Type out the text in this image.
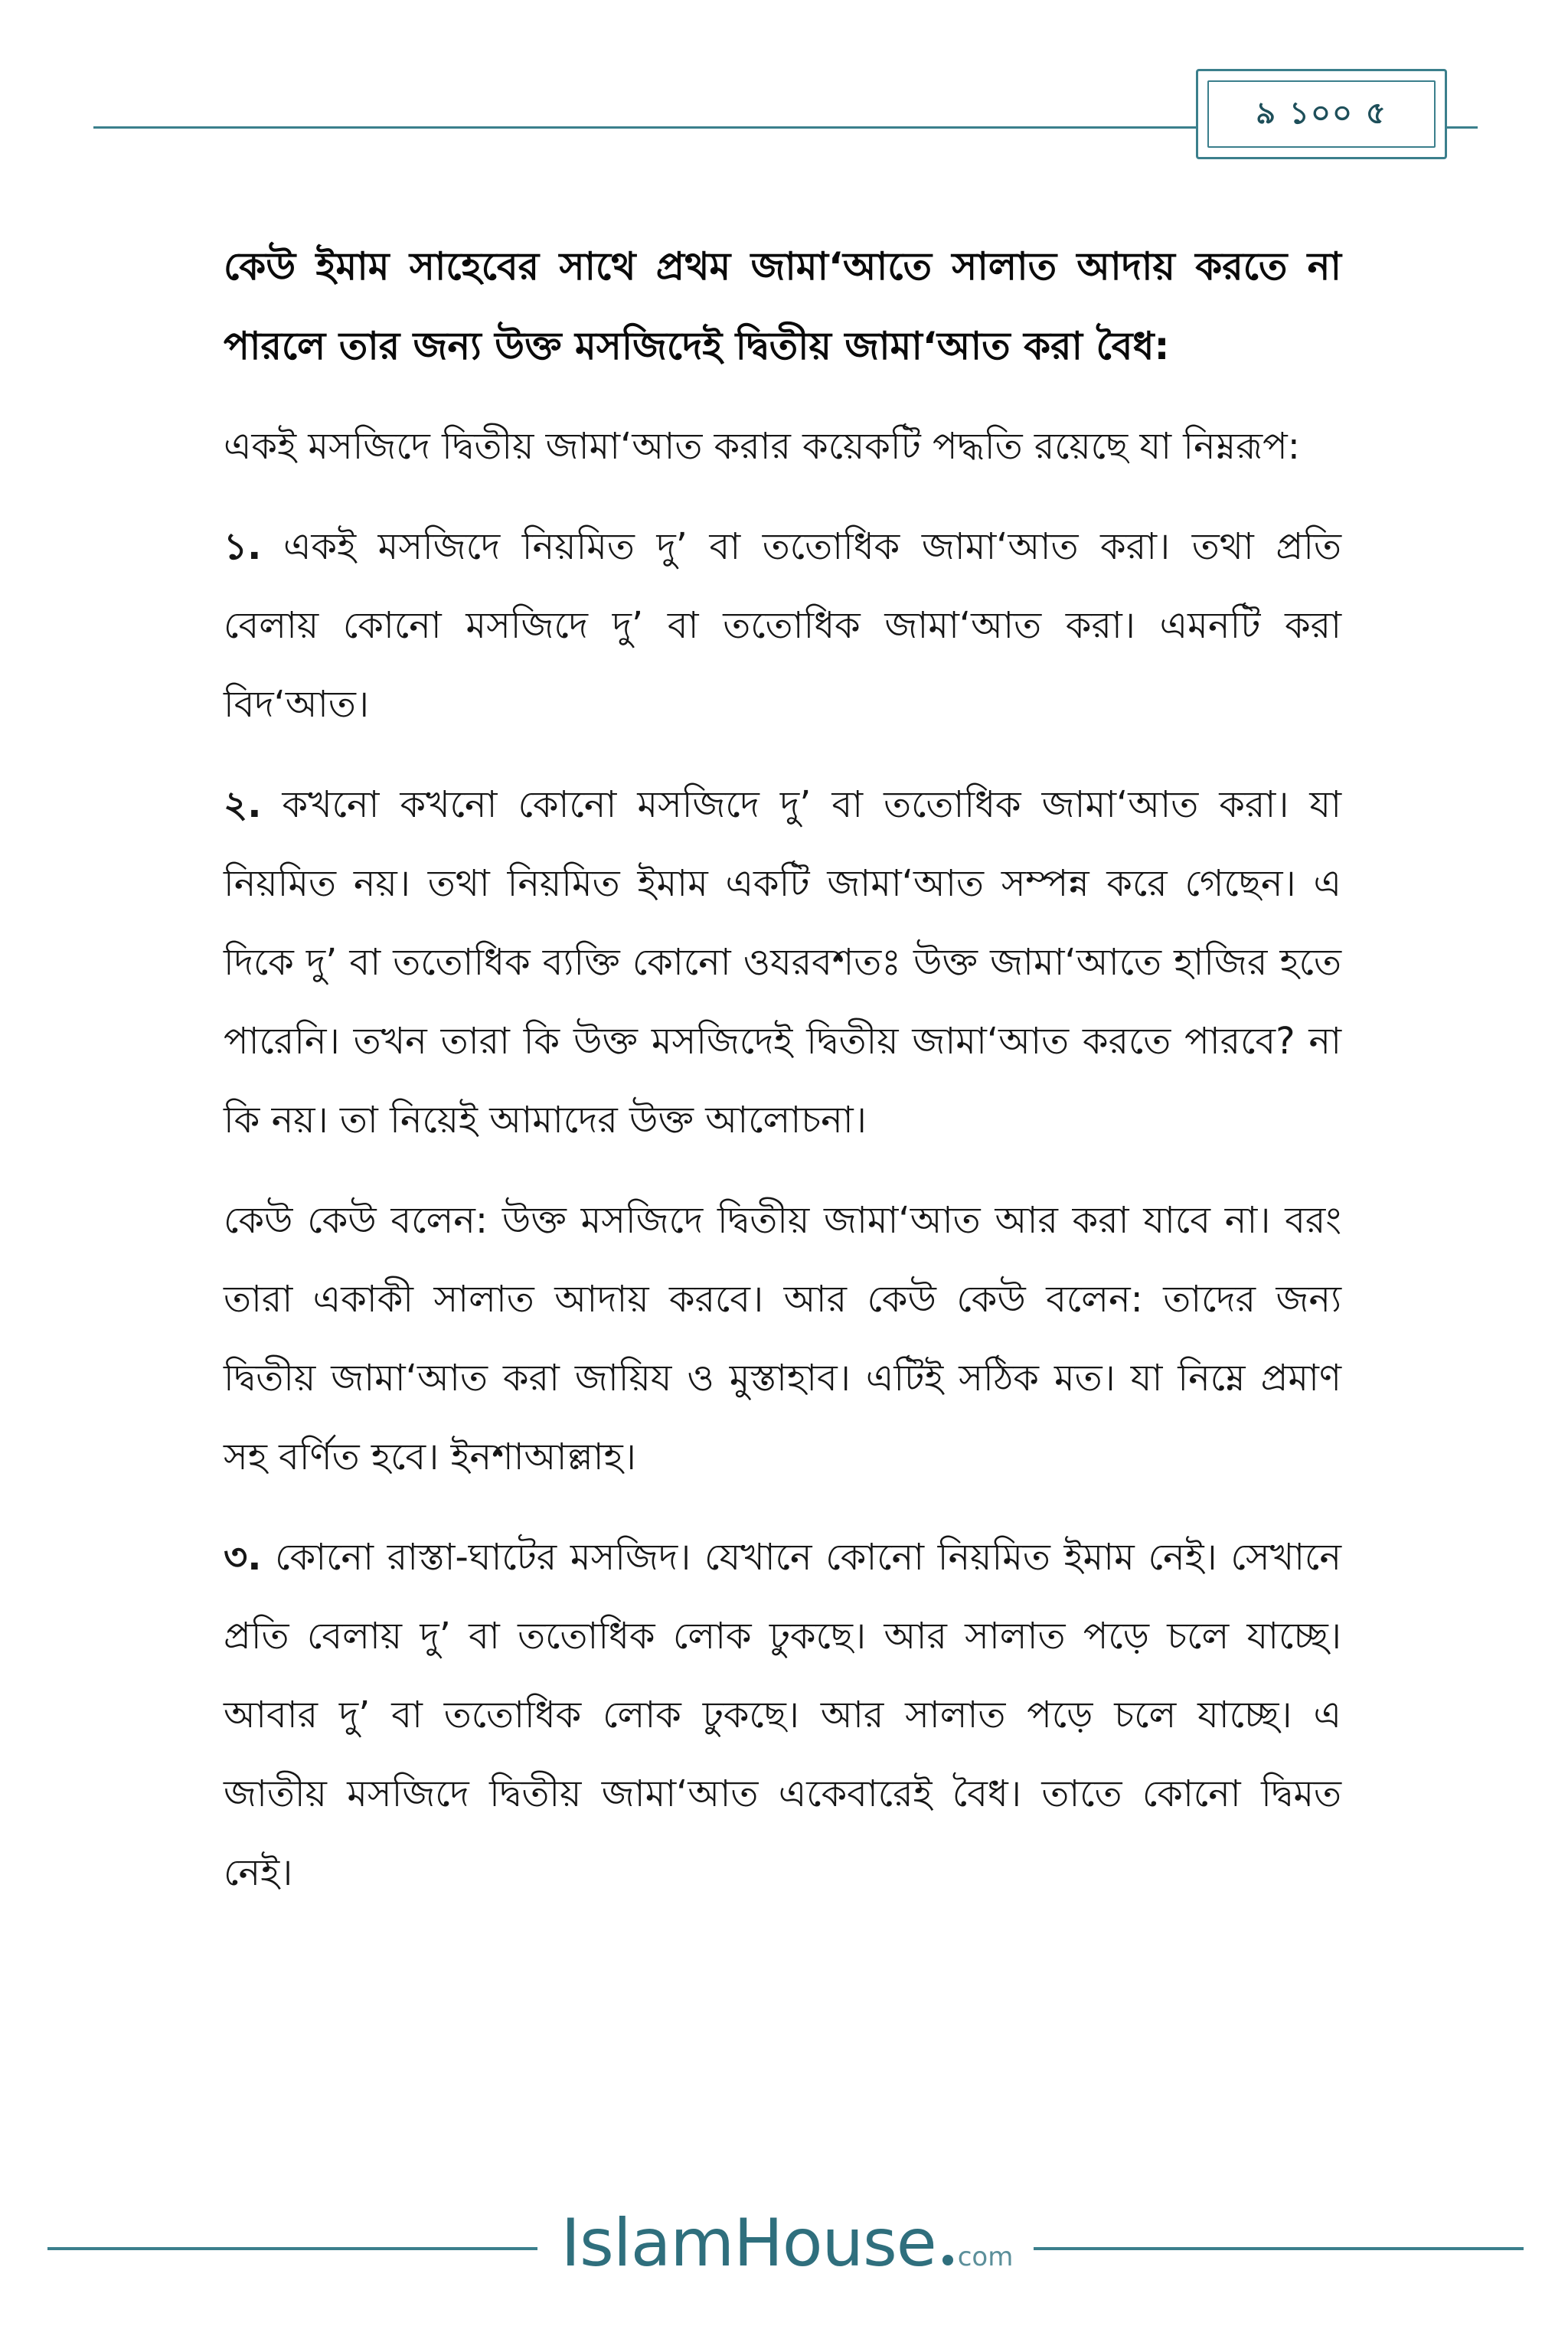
৯ ১০০ ৫

কেউ ইমাম সাহেবের সাথে প্রথম জামা‘আতে সালাত আদায় করতে না পারলে তার জন্য উক্ত মসজিদেই দ্বিতীয় জামা‘আত করা বৈধ:

একই মসজিদে দ্বিতীয় জামা‘আত করার কয়েকটি পদ্ধতি রয়েছে যা নিম্নরূপ:

১. একই মসজিদে নিয়মিত দু’ বা ততোধিক জামা‘আত করা। তথা প্রতি বেলায় কোনো মসজিদে দু’ বা ততোধিক জামা‘আত করা। এমনটি করা বিদ‘আত।

২. কখনো কখনো কোনো মসজিদে দু’ বা ততোধিক জামা‘আত করা। যা নিয়মিত নয়। তথা নিয়মিত ইমাম একটি জামা‘আত সম্পন্ন করে গেছেন। এ দিকে দু’ বা ততোধিক ব্যক্তি কোনো ওযরবশতঃ উক্ত জামা‘আতে হাজির হতে পারেনি। তখন তারা কি উক্ত মসজিদেই দ্বিতীয় জামা‘আত করতে পারবে? না কি নয়। তা নিয়েই আমাদের উক্ত আলোচনা।

কেউ কেউ বলেন: উক্ত মসজিদে দ্বিতীয় জামা‘আত আর করা যাবে না। বরং তারা একাকী সালাত আদায় করবে। আর কেউ কেউ বলেন: তাদের জন্য দ্বিতীয় জামা‘আত করা জায়িয ও মুস্তাহাব। এটিই সঠিক মত। যা নিম্নে প্রমাণ সহ বর্ণিত হবে। ইনশাআল্লাহ।

৩. কোনো রাস্তা-ঘাটের মসজিদ। যেখানে কোনো নিয়মিত ইমাম নেই। সেখানে প্রতি বেলায় দু’ বা ততোধিক লোক ঢুকছে। আর সালাত পড়ে চলে যাচ্ছে। আবার দু’ বা ততোধিক লোক ঢুকছে। আর সালাত পড়ে চলে যাচ্ছে। এ জাতীয় মসজিদে দ্বিতীয় জামা‘আত একেবারেই বৈধ। তাতে কোনো দ্বিমত নেই।

IslamHouse com
